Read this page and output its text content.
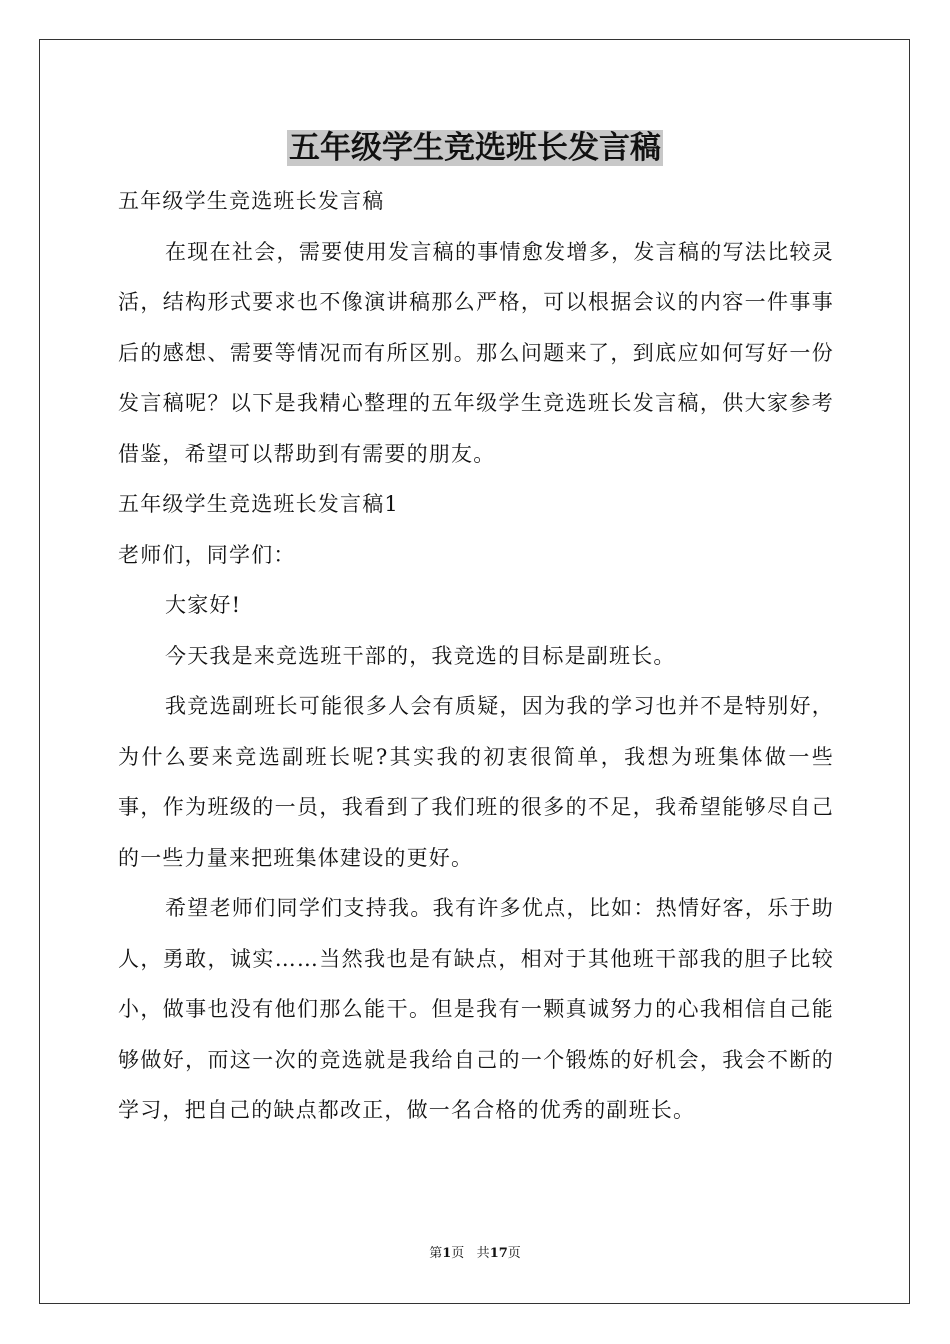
五年级学生竞选班长发言稿

五年级学生竞选班长发言稿

在现在社会，需要使用发言稿的事情愈发增多，发言稿的写法比较灵活，结构形式要求也不像演讲稿那么严格，可以根据会议的内容一件事事后的感想、需要等情况而有所区别。那么问题来了，到底应如何写好一份发言稿呢？以下是我精心整理的五年级学生竞选班长发言稿，供大家参考借鉴，希望可以帮助到有需要的朋友。

五年级学生竞选班长发言稿1

老师们，同学们：

大家好!

今天我是来竞选班干部的，我竞选的目标是副班长。

我竞选副班长可能很多人会有质疑，因为我的学习也并不是特别好，为什么要来竞选副班长呢?其实我的初衷很简单，我想为班集体做一些事，作为班级的一员，我看到了我们班的很多的不足，我希望能够尽自己的一些力量来把班集体建设的更好。

希望老师们同学们支持我。我有许多优点，比如：热情好客，乐于助人，勇敢，诚实……当然我也是有缺点，相对于其他班干部我的胆子比较小，做事也没有他们那么能干。但是我有一颗真诚努力的心我相信自己能够做好，而这一次的竞选就是我给自己的一个锻炼的好机会，我会不断的学习，把自己的缺点都改正，做一名合格的优秀的副班长。

第1页 共17页
